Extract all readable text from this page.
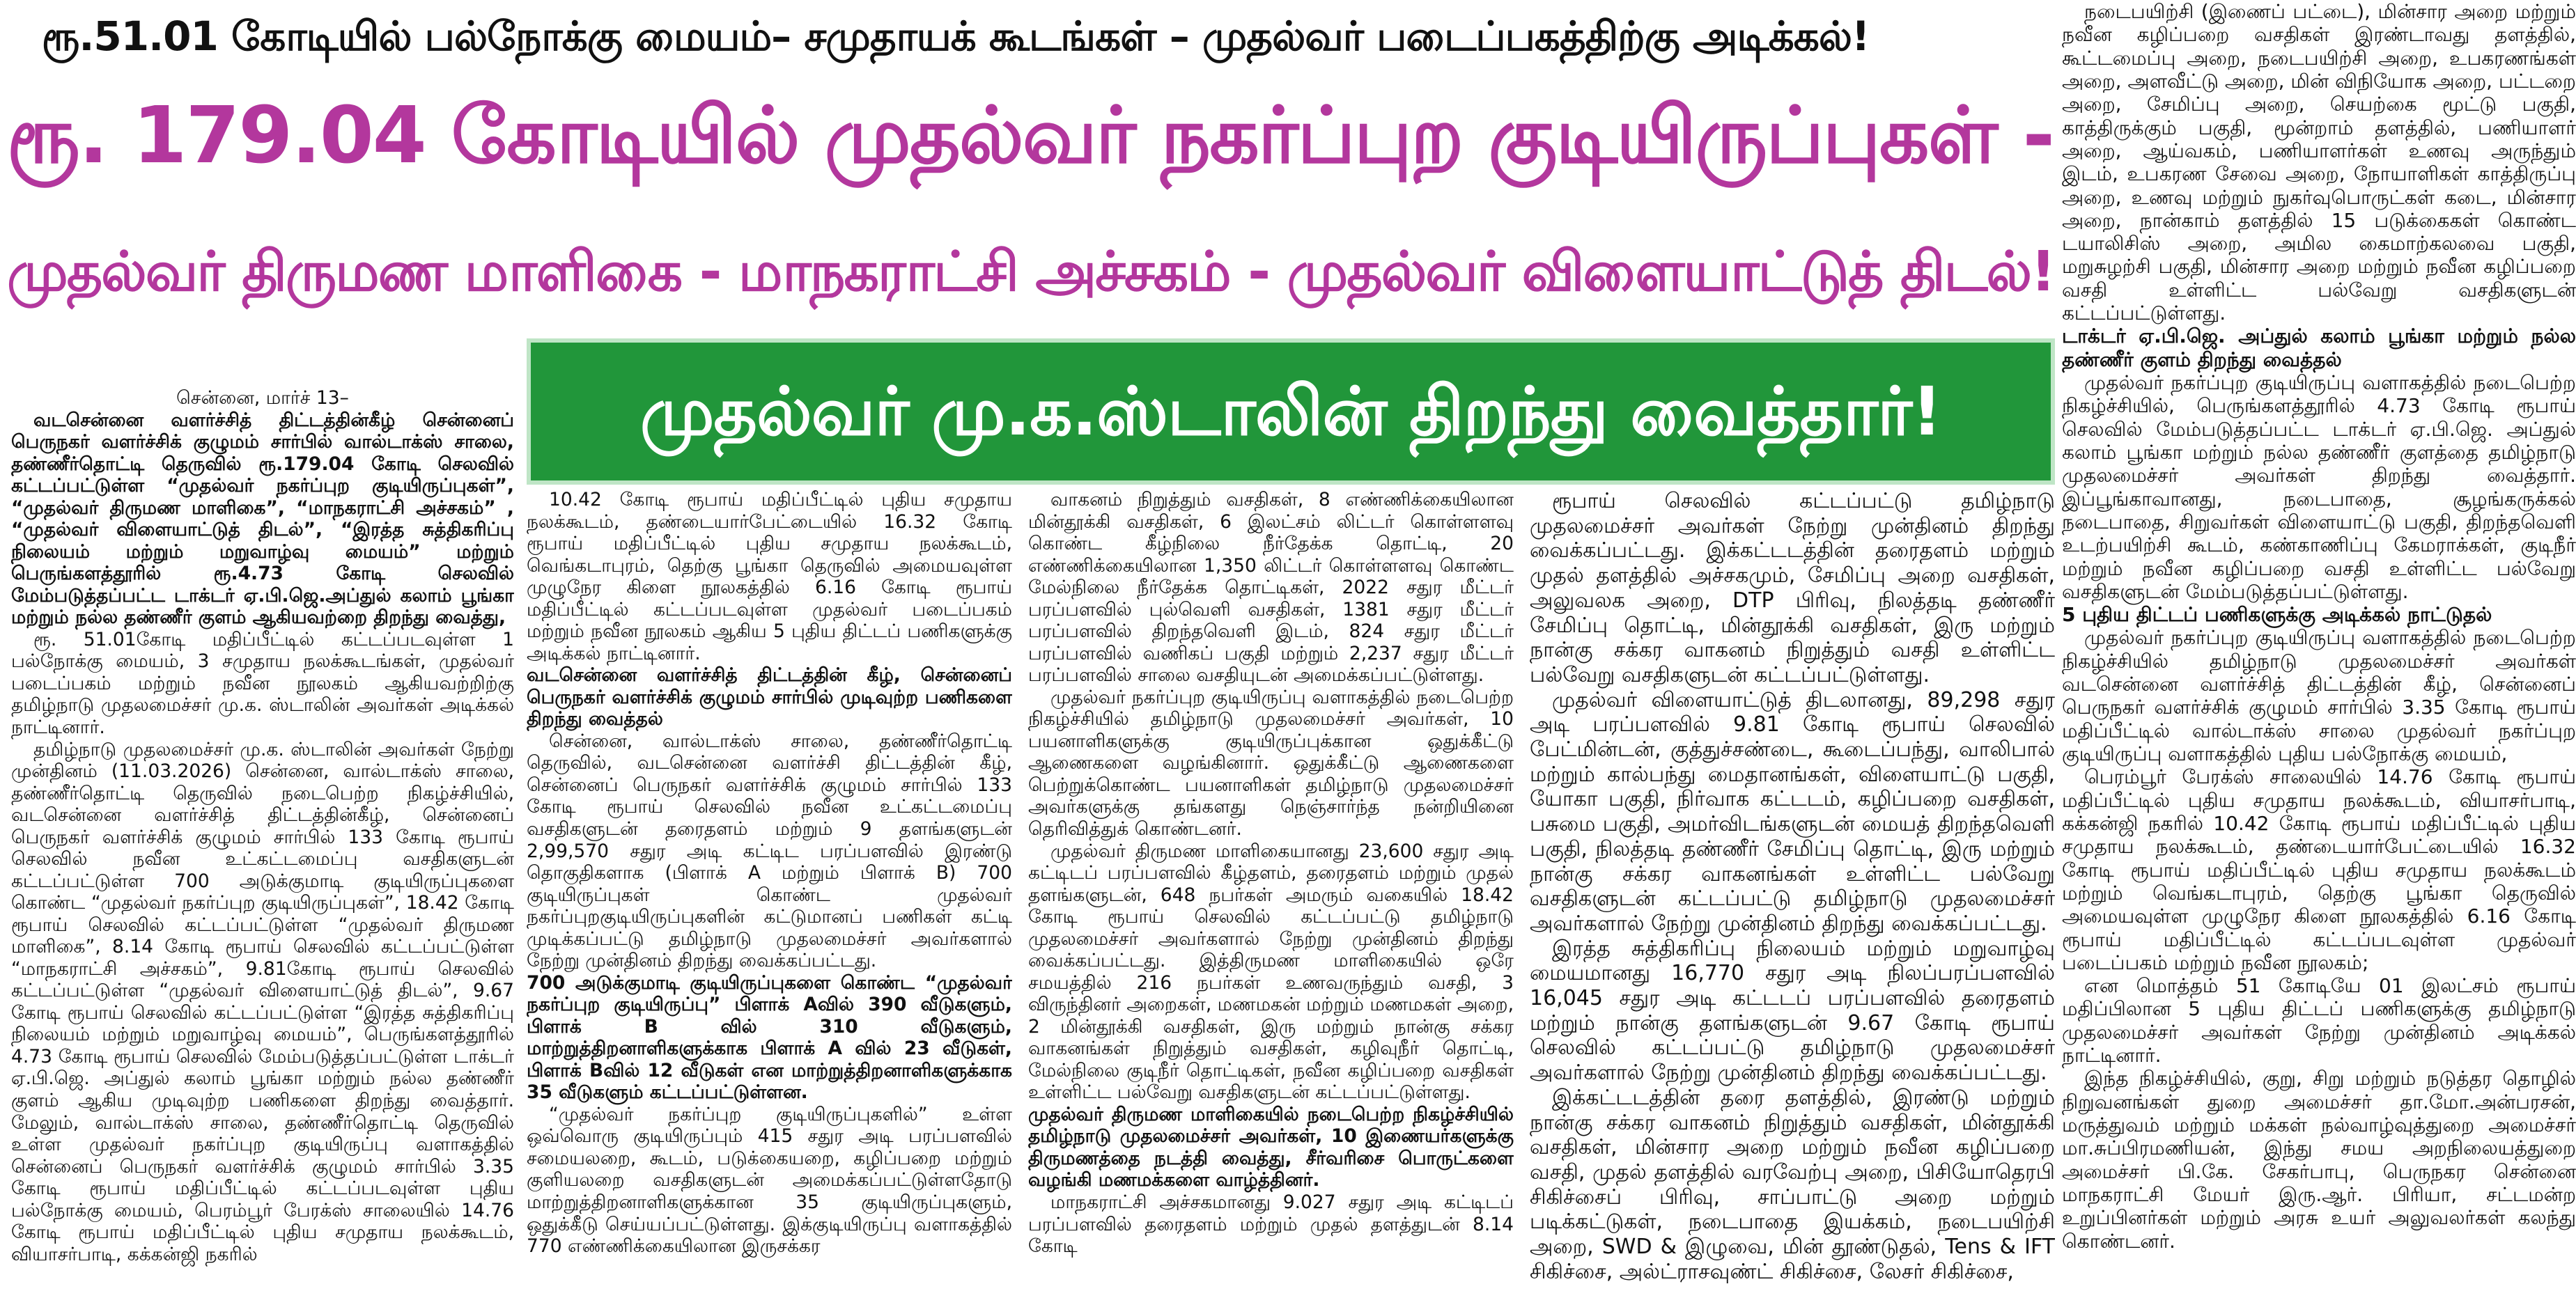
ரூ.51.01 கோடியில் பல்நோக்கு மையம்– சமுதாயக் கூடங்கள் – முதல்வர் படைப்பகத்திற்கு அடிக்கல்!
ரூ. 179.04 கோடியில் முதல்வர் நகர்ப்புற குடியிருப்புகள் -
முதல்வர் திருமண மாளிகை - மாநகராட்சி அச்சகம் - முதல்வர் விளையாட்டுத் திடல்!
முதல்வர் மு.க.ஸ்டாலின் திறந்து வைத்தார்!

சென்னை, மார்ச் 13–

வடசென்னை வளர்ச்சித் திட்டத்தின்கீழ் சென்னைப் பெருநகர் வளர்ச்சிக் குழுமம் சார்பில் வால்டாக்ஸ் சாலை, தண்ணீர்தொட்டி தெருவில் ரூ.179.04 கோடி செலவில் கட்டப்பட்டுள்ள “முதல்வர் நகர்ப்புற குடியிருப்புகள்”, “முதல்வர் திருமண மாளிகை”, “மாநகராட்சி அச்சகம்” , “முதல்வர் விளையாட்டுத் திடல்”, “இரத்த சுத்திகரிப்பு நிலையம் மற்றும் மறுவாழ்வு மையம்” மற்றும் பெருங்களத்தூரில் ரூ.4.73 கோடி செலவில் மேம்படுத்தப்பட்ட டாக்டர் ஏ.பி.ஜெ.அப்துல் கலாம் பூங்கா மற்றும் நல்ல தண்ணீர் குளம் ஆகியவற்றை திறந்து வைத்து,

ரூ. 51.01கோடி மதிப்பீட்டில் கட்டப்படவுள்ள 1 பல்நோக்கு மையம், 3 சமுதாய நலக்கூடங்கள், முதல்வர் படைப்பகம் மற்றும் நவீன நூலகம் ஆகியவற்றிற்கு தமிழ்நாடு முதலமைச்சர் மு.க. ஸ்டாலின் அவர்கள் அடிக்கல் நாட்டினார்.

தமிழ்நாடு முதலமைச்சர் மு.க. ஸ்டாலின் அவர்கள் நேற்று முன்தினம் (11.03.2026) சென்னை, வால்டாக்ஸ் சாலை, தண்ணீர்தொட்டி தெருவில் நடைபெற்ற நிகழ்ச்சியில், வடசென்னை வளர்ச்சித் திட்டத்தின்கீழ், சென்னைப் பெருநகர் வளர்ச்சிக் குழுமம் சார்பில் 133 கோடி ரூபாய் செலவில் நவீன உட்கட்டமைப்பு வசதிகளுடன் கட்டப்பட்டுள்ள 700 அடுக்குமாடி குடியிருப்புகளை கொண்ட “முதல்வர் நகர்ப்புற குடியிருப்புகள்”, 18.42 கோடி ரூபாய் செலவில் கட்டப்பட்டுள்ள “முதல்வர் திருமண மாளிகை”, 8.14 கோடி ரூபாய் செலவில் கட்டப்பட்டுள்ள “மாநகராட்சி அச்சகம்”, 9.81கோடி ரூபாய் செலவில் கட்டப்பட்டுள்ள “முதல்வர் விளையாட்டுத் திடல்”, 9.67 கோடி ரூபாய் செலவில் கட்டப்பட்டுள்ள “இரத்த சுத்திகரிப்பு நிலையம் மற்றும் மறுவாழ்வு மையம்”, பெருங்களத்தூரில் 4.73 கோடி ரூபாய் செலவில் மேம்படுத்தப்பட்டுள்ள டாக்டர் ஏ.பி.ஜெ. அப்துல் கலாம் பூங்கா மற்றும் நல்ல தண்ணீர் குளம் ஆகிய முடிவுற்ற பணிகளை திறந்து வைத்தார். மேலும், வால்டாக்ஸ் சாலை, தண்ணீர்தொட்டி தெருவில் உள்ள முதல்வர் நகர்ப்புற குடியிருப்பு வளாகத்தில் சென்னைப் பெருநகர் வளர்ச்சிக் குழுமம் சார்பில் 3.35 கோடி ரூபாய் மதிப்பீட்டில் கட்டப்படவுள்ள புதிய பல்நோக்கு மையம், பெரம்பூர் பேரக்ஸ் சாலையில் 14.76 கோடி ரூபாய் மதிப்பீட்டில் புதிய சமுதாய நலக்கூடம், வியாசர்பாடி, கக்கன்ஜி நகரில்

10.42 கோடி ரூபாய் மதிப்பீட்டில் புதிய சமுதாய நலக்கூடம், தண்டையார்பேட்டையில் 16.32 கோடி ரூபாய் மதிப்பீட்டில் புதிய சமுதாய நலக்கூடம், வெங்கடாபுரம், தெற்கு பூங்கா தெருவில் அமையவுள்ள முழுநேர கிளை நூலகத்தில் 6.16 கோடி ரூபாய் மதிப்பீட்டில் கட்டப்படவுள்ள முதல்வர் படைப்பகம் மற்றும் நவீன நூலகம் ஆகிய 5 புதிய திட்டப் பணிகளுக்கு அடிக்கல் நாட்டினார்.

வடசென்னை வளர்ச்சித் திட்டத்தின் கீழ், சென்னைப் பெருநகர் வளர்ச்சிக் குழுமம் சார்பில் முடிவுற்ற பணிகளை திறந்து வைத்தல்

சென்னை, வால்டாக்ஸ் சாலை, தண்ணீர்தொட்டி தெருவில், வடசென்னை வளர்ச்சி திட்டத்தின் கீழ், சென்னைப் பெருநகர் வளர்ச்சிக் குழுமம் சார்பில் 133 கோடி ரூபாய் செலவில் நவீன உட்கட்டமைப்பு வசதிகளுடன் தரைதளம் மற்றும் 9 தளங்களுடன் 2,99,570 சதுர அடி கட்டிட பரப்பளவில் இரண்டு தொகுதிகளாக (பிளாக் A மற்றும் பிளாக் B) 700 குடியிருப்புகள் கொண்ட முதல்வர் நகர்ப்புறகுடியிருப்புகளின் கட்டுமானப் பணிகள் கட்டி முடிக்கப்பட்டு தமிழ்நாடு முதலமைச்சர் அவர்களால் நேற்று முன்தினம் திறந்து வைக்கப்பட்டது.

700 அடுக்குமாடி குடியிருப்புகளை கொண்ட “முதல்வர் நகர்ப்புற குடியிருப்பு” பிளாக் Aவில் 390 வீடுகளும், பிளாக் B வில் 310 வீடுகளும், மாற்றுத்திறனாளிகளுக்காக பிளாக் A வில் 23 வீடுகள், பிளாக் Bவில் 12 வீடுகள் என மாற்றுத்திறனாளிகளுக்காக 35 வீடுகளும் கட்டப்பட்டுள்ளன.

“முதல்வர் நகர்ப்புற குடியிருப்புகளில்” உள்ள ஒவ்வொரு குடியிருப்பும் 415 சதுர அடி பரப்பளவில் சமையலறை, கூடம், படுக்கையறை, கழிப்பறை மற்றும் குளியலறை வசதிகளுடன் அமைக்கப்பட்டுள்ளதோடு மாற்றுத்திறனாளிகளுக்கான 35 குடியிருப்புகளும், ஒதுக்கீடு செய்யப்பட்டுள்ளது. இக்குடியிருப்பு வளாகத்தில் 770 எண்ணிக்கையிலான இருசக்கர

வாகனம் நிறுத்தும் வசதிகள், 8 எண்ணிக்கையிலான மின்தூக்கி வசதிகள், 6 இலட்சம் லிட்டர் கொள்ளளவு கொண்ட கீழ்நிலை நீர்தேக்க தொட்டி, 20 எண்ணிக்கையிலான 1,350 லிட்டர் கொள்ளளவு கொண்ட மேல்நிலை நீர்தேக்க தொட்டிகள், 2022 சதுர மீட்டர் பரப்பளவில் புல்வெளி வசதிகள், 1381 சதுர மீட்டர் பரப்பளவில் திறந்தவெளி இடம், 824 சதுர மீட்டர் பரப்பளவில் வணிகப் பகுதி மற்றும் 2,237 சதுர மீட்டர் பரப்பளவில் சாலை வசதியுடன் அமைக்கப்பட்டுள்ளது.

முதல்வர் நகர்ப்புற குடியிருப்பு வளாகத்தில் நடைபெற்ற நிகழ்ச்சியில் தமிழ்நாடு முதலமைச்சர் அவர்கள், 10 பயனாளிகளுக்கு குடியிருப்புக்கான ஒதுக்கீட்டு ஆணைகளை வழங்கினார். ஒதுக்கீட்டு ஆணைகளை பெற்றுக்கொண்ட பயனாளிகள் தமிழ்நாடு முதலமைச்சர் அவர்களுக்கு தங்களது நெஞ்சார்ந்த நன்றியினை தெரிவித்துக் கொண்டனர்.

முதல்வர் திருமண மாளிகையானது 23,600 சதுர அடி கட்டிடப் பரப்பளவில் கீழ்தளம், தரைதளம் மற்றும் முதல் தளங்களுடன், 648 நபர்கள் அமரும் வகையில் 18.42 கோடி ரூபாய் செலவில் கட்டப்பட்டு தமிழ்நாடு முதலமைச்சர் அவர்களால் நேற்று முன்தினம் திறந்து வைக்கப்பட்டது. இத்திருமண மாளிகையில் ஒரே சமயத்தில் 216 நபர்கள் உணவருந்தும் வசதி, 3 விருந்தினர் அறைகள், மணமகன் மற்றும் மணமகள் அறை, 2 மின்தூக்கி வசதிகள், இரு மற்றும் நான்கு சக்கர வாகனங்கள் நிறுத்தும் வசதிகள், கழிவுநீர் தொட்டி, மேல்நிலை குடிநீர் தொட்டிகள், நவீன கழிப்பறை வசதிகள் உள்ளிட்ட பல்வேறு வசதிகளுடன் கட்டப்பட்டுள்ளது.

முதல்வர் திருமண மாளிகையில் நடைபெற்ற நிகழ்ச்சியில் தமிழ்நாடு முதலமைச்சர் அவர்கள், 10 இணையர்களுக்கு திருமணத்தை நடத்தி வைத்து, சீர்வரிசை பொருட்களை வழங்கி மணமக்களை வாழ்த்தினர்.

மாநகராட்சி அச்சகமானது 9.027 சதுர அடி கட்டிடப் பரப்பளவில் தரைதளம் மற்றும் முதல் தளத்துடன் 8.14 கோடி

ரூபாய் செலவில் கட்டப்பட்டு தமிழ்நாடு முதலமைச்சர் அவர்கள் நேற்று முன்தினம் திறந்து வைக்கப்பட்டது. இக்கட்டடத்தின் தரைதளம் மற்றும் முதல் தளத்தில் அச்சகமும், சேமிப்பு அறை வசதிகள், அலுவலக அறை, DTP பிரிவு, நிலத்தடி தண்ணீர் சேமிப்பு தொட்டி, மின்தூக்கி வசதிகள், இரு மற்றும் நான்கு சக்கர வாகனம் நிறுத்தும் வசதி உள்ளிட்ட பல்வேறு வசதிகளுடன் கட்டப்பட்டுள்ளது.

முதல்வர் விளையாட்டுத் திடலானது, 89,298 சதுர அடி பரப்பளவில் 9.81 கோடி ரூபாய் செலவில் பேட்மின்டன், குத்துச்சண்டை, கூடைப்பந்து, வாலிபால் மற்றும் கால்பந்து மைதானங்கள், விளையாட்டு பகுதி, யோகா பகுதி, நிர்வாக கட்டடம், கழிப்பறை வசதிகள், பசுமை பகுதி, அமர்விடங்களுடன் மையத் திறந்தவெளி பகுதி, நிலத்தடி தண்ணீர் சேமிப்பு தொட்டி, இரு மற்றும் நான்கு சக்கர வாகனங்கள் உள்ளிட்ட பல்வேறு வசதிகளுடன் கட்டப்பட்டு தமிழ்நாடு முதலமைச்சர் அவர்களால் நேற்று முன்தினம் திறந்து வைக்கப்பட்டது.

இரத்த சுத்திகரிப்பு நிலையம் மற்றும் மறுவாழ்வு மையமானது 16,770 சதுர அடி நிலப்பரப்பளவில் 16,045 சதுர அடி கட்டடப் பரப்பளவில் தரைதளம் மற்றும் நான்கு தளங்களுடன் 9.67 கோடி ரூபாய் செலவில் கட்டப்பட்டு தமிழ்நாடு முதலமைச்சர் அவர்களால் நேற்று முன்தினம் திறந்து வைக்கப்பட்டது.

இக்கட்டடத்தின் தரை தளத்தில், இரண்டு மற்றும் நான்கு சக்கர வாகனம் நிறுத்தும் வசதிகள், மின்தூக்கி வசதிகள், மின்சார அறை மற்றும் நவீன கழிப்பறை வசதி, முதல் தளத்தில் வரவேற்பு அறை, பிசியோதெரபி சிகிச்சைப் பிரிவு, சாப்பாட்டு அறை மற்றும் படிக்கட்டுகள், நடைபாதை இயக்கம், நடைபயிற்சி அறை, SWD & இழுவை, மின் தூண்டுதல், Tens & IFT சிகிச்சை, அல்ட்ராசவுண்ட் சிகிச்சை, லேசர் சிகிச்சை,

நடைபயிற்சி (இணைப் பட்டை), மின்சார அறை மற்றும் நவீன கழிப்பறை வசதிகள் இரண்டாவது தளத்தில், கூட்டமைப்பு அறை, நடைபயிற்சி அறை, உபகரணங்கள் அறை, அளவீட்டு அறை, மின் விநியோக அறை, பட்டறை அறை, சேமிப்பு அறை, செயற்கை மூட்டு பகுதி, காத்திருக்கும் பகுதி, மூன்றாம் தளத்தில், பணியாளர் அறை, ஆய்வகம், பணியாளர்கள் உணவு அருந்தும் இடம், உபகரண சேவை அறை, நோயாளிகள் காத்திருப்பு அறை, உணவு மற்றும் நுகர்வுபொருட்கள் கடை, மின்சார அறை, நான்காம் தளத்தில் 15 படுக்கைகள் கொண்ட டயாலிசிஸ் அறை, அமில கைமாற்கலவை பகுதி, மறுசுழற்சி பகுதி, மின்சார அறை மற்றும் நவீன கழிப்பறை வசதி உள்ளிட்ட பல்வேறு வசதிகளுடன் கட்டப்பட்டுள்ளது.

டாக்டர் ஏ.பி.ஜெ. அப்துல் கலாம் பூங்கா மற்றும் நல்ல தண்ணீர் குளம் திறந்து வைத்தல்

முதல்வர் நகர்ப்புற குடியிருப்பு வளாகத்தில் நடைபெற்ற நிகழ்ச்சியில், பெருங்களத்தூரில் 4.73 கோடி ரூபாய் செலவில் மேம்படுத்தப்பட்ட டாக்டர் ஏ.பி.ஜெ. அப்துல் கலாம் பூங்கா மற்றும் நல்ல தண்ணீர் குளத்தை தமிழ்நாடு முதலமைச்சர் அவர்கள் திறந்து வைத்தார். இப்பூங்காவானது, நடைபாதை, சூழங்கருக்கல் நடைபாதை, சிறுவர்கள் விளையாட்டு பகுதி, திறந்தவெளி உடற்பயிற்சி கூடம், கண்காணிப்பு கேமராக்கள், குடிநீர் மற்றும் நவீன கழிப்பறை வசதி உள்ளிட்ட பல்வேறு வசதிகளுடன் மேம்படுத்தப்பட்டுள்ளது.

5 புதிய திட்டப் பணிகளுக்கு அடிக்கல் நாட்டுதல்

முதல்வர் நகர்ப்புற குடியிருப்பு வளாகத்தில் நடைபெற்ற நிகழ்ச்சியில் தமிழ்நாடு முதலமைச்சர் அவர்கள் வடசென்னை வளர்ச்சித் திட்டத்தின் கீழ், சென்னைப் பெருநகர் வளர்ச்சிக் குழுமம் சார்பில் 3.35 கோடி ரூபாய் மதிப்பீட்டில் வால்டாக்ஸ் சாலை முதல்வர் நகர்ப்புற குடியிருப்பு வளாகத்தில் புதிய பல்நோக்கு மையம்,

பெரம்பூர் பேரக்ஸ் சாலையில் 14.76 கோடி ரூபாய் மதிப்பீட்டில் புதிய சமுதாய நலக்கூடம், வியாசர்பாடி, கக்கன்ஜி நகரில் 10.42 கோடி ரூபாய் மதிப்பீட்டில் புதிய சமுதாய நலக்கூடம், தண்டையார்பேட்டையில் 16.32 கோடி ரூபாய் மதிப்பீட்டில் புதிய சமுதாய நலக்கூடம் மற்றும் வெங்கடாபுரம், தெற்கு பூங்கா தெருவில் அமையவுள்ள முழுநேர கிளை நூலகத்தில் 6.16 கோடி ரூபாய் மதிப்பீட்டில் கட்டப்படவுள்ள முதல்வர் படைப்பகம் மற்றும் நவீன நூலகம்;

என மொத்தம் 51 கோடியே 01 இலட்சம் ரூபாய் மதிப்பிலான 5 புதிய திட்டப் பணிகளுக்கு தமிழ்நாடு முதலமைச்சர் அவர்கள் நேற்று முன்தினம் அடிக்கல் நாட்டினார்.

இந்த நிகழ்ச்சியில், குறு, சிறு மற்றும் நடுத்தர தொழில் நிறுவனங்கள் துறை அமைச்சர் தா.மோ.அன்பரசன், மருத்துவம் மற்றும் மக்கள் நல்வாழ்வுத்துறை அமைச்சர் மா.சுப்பிரமணியன், இந்து சமய அறநிலையத்துறை அமைச்சர் பி.கே. சேகர்பாபு, பெருநகர சென்னை மாநகராட்சி மேயர் இரு.ஆர். பிரியா, சட்டமன்ற உறுப்பினர்கள் மற்றும் அரசு உயர் அலுவலர்கள் கலந்து கொண்டனர்.
